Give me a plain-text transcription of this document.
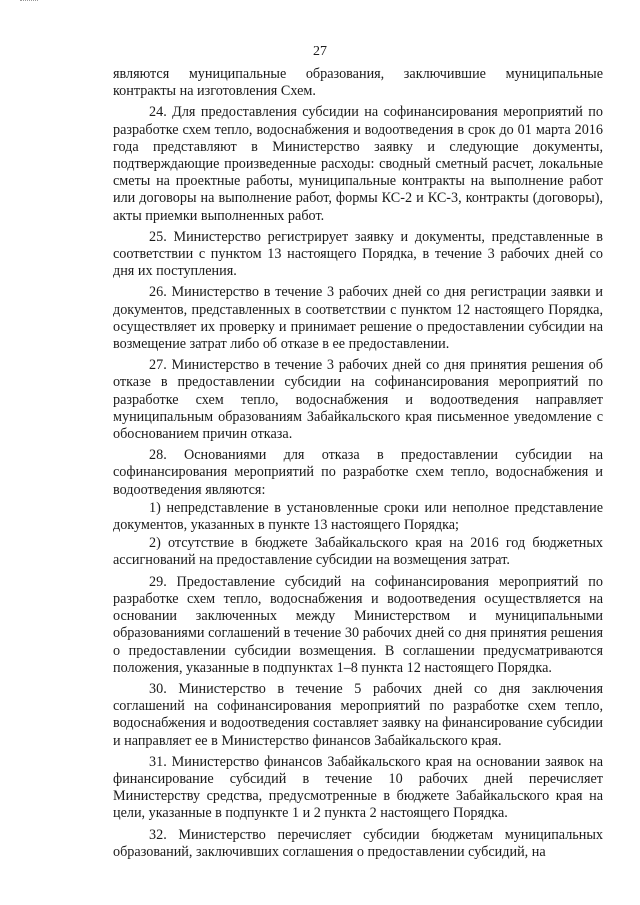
27

являются муниципальные образования, заключившие муниципальные контракты на изготовления Схем.

24. Для предоставления субсидии на софинансирования мероприятий по разработке схем тепло, водоснабжения и водоотведения в срок до 01 марта 2016 года представляют в Министерство заявку и следующие документы, подтверждающие произведенные расходы: сводный сметный расчет, локальные сметы на проектные работы, муниципальные контракты на выполнение работ или договоры на выполнение работ, формы КС-2 и КС-3, контракты (договоры), акты приемки выполненных работ.

25. Министерство регистрирует заявку и документы, представленные в соответствии с пунктом 13 настоящего Порядка, в течение 3 рабочих дней со дня их поступления.

26. Министерство в течение 3 рабочих дней со дня регистрации заявки и документов, представленных в соответствии с пунктом 12 настоящего Порядка, осуществляет их проверку и принимает решение о предоставлении субсидии на возмещение затрат либо об отказе в ее предоставлении.

27. Министерство в течение 3 рабочих дней со дня принятия решения об отказе в предоставлении субсидии на софинансирования мероприятий по разработке схем тепло, водоснабжения и водоотведения направляет муниципальным образованиям Забайкальского края письменное уведомление с обоснованием причин отказа.

28. Основаниями для отказа в предоставлении субсидии на софинансирования мероприятий по разработке схем тепло, водоснабжения и водоотведения являются:

1) непредставление в установленные сроки или неполное представление документов, указанных в пункте 13 настоящего Порядка;

2) отсутствие в бюджете Забайкальского края на 2016 год бюджетных ассигнований на предоставление субсидии на возмещения затрат.

29. Предоставление субсидий на софинансирования мероприятий по разработке схем тепло, водоснабжения и водоотведения осуществляется на основании заключенных между Министерством и муниципальными образованиями соглашений в течение 30 рабочих дней со дня принятия решения о предоставлении субсидии возмещения. В соглашении предусматриваются положения, указанные в подпунктах 1–8 пункта 12 настоящего Порядка.

30. Министерство в течение 5 рабочих дней со дня заключения соглашений на софинансирования мероприятий по разработке схем тепло, водоснабжения и водоотведения составляет заявку на финансирование субсидии и направляет ее в Министерство финансов Забайкальского края.

31. Министерство финансов Забайкальского края на основании заявок на финансирование субсидий в течение 10 рабочих дней перечисляет Министерству средства, предусмотренные в бюджете Забайкальского края на цели, указанные в подпункте 1 и 2 пункта 2 настоящего Порядка.

32. Министерство перечисляет субсидии бюджетам муниципальных образований, заключивших соглашения о предоставлении субсидий, на
